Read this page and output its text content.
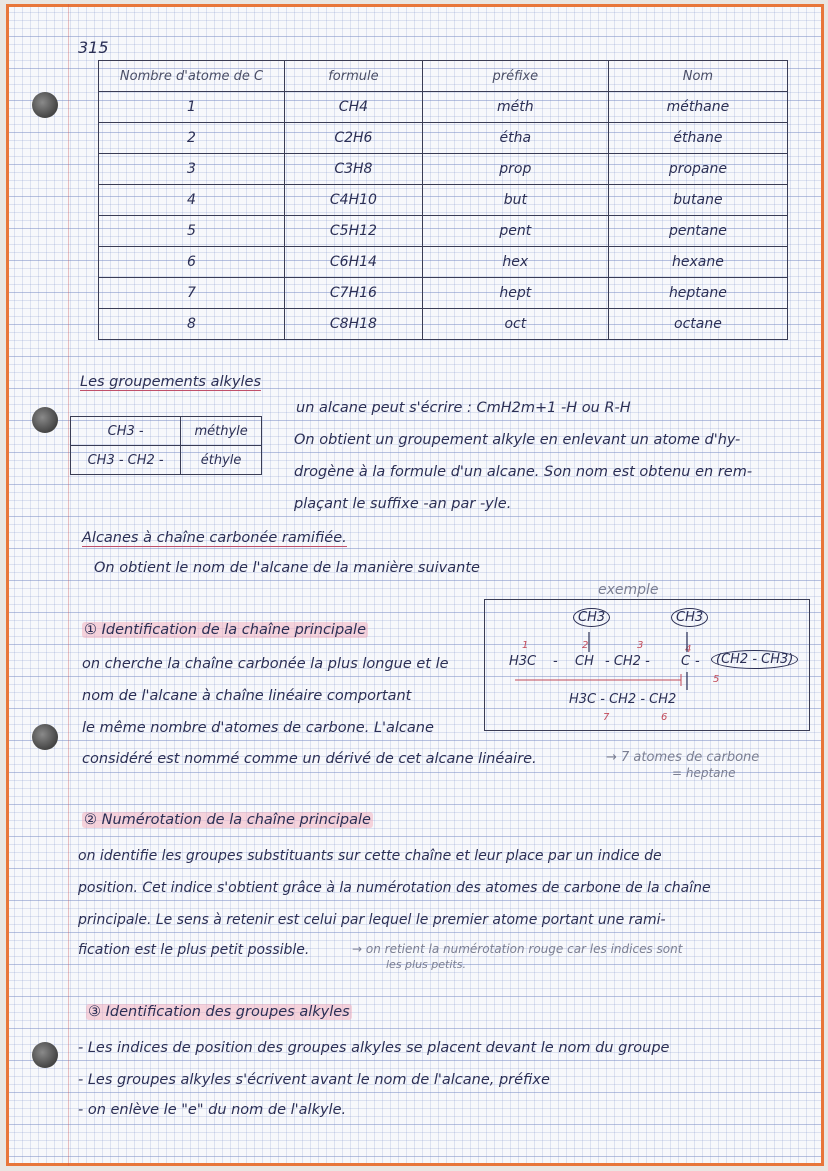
315
Nombre d'atome de C	formule	préfixe	Nom
1	CH4	méth	méthane
2	C2H6	étha	éthane
3	C3H8	prop	propane
4	C4H10	but	butane
5	C5H12	pent	pentane
6	C6H14	hex	hexane
7	C7H16	hept	heptane
8	C8H18	oct	octane
Les groupements alkyles
CH3 -	méthyle
CH3 - CH2 -	éthyle
un alcane peut s'écrire : CmH2m+1 -H ou R-H
On obtient un groupement alkyle en enlevant un atome d'hy-
drogène à la formule d'un alcane. Son nom est obtenu en rem-
plaçant le suffixe -an par -yle.
Alcanes à chaîne carbonée ramifiée.
On obtient le nom de l'alcane de la manière suivante
exemple
CH3	CH3
1	2	3	4
H3C - CH - CH2 - C -	(CH2 - CH3)
5
H3C - CH2 - CH2
6
7
① Identification de la chaîne principale
on cherche la chaîne carbonée la plus longue et le
nom de l'alcane à chaîne linéaire comportant
le même nombre d'atomes de carbone. L'alcane
considéré est nommé comme un dérivé de cet alcane linéaire.	→ 7 atomes de carbone
= heptane
② Numérotation de la chaîne principale
on identifie les groupes substituants sur cette chaîne et leur place par un indice de
position. Cet indice s'obtient grâce à la numérotation des atomes de carbone de la chaîne
principale. Le sens à retenir est celui par lequel le premier atome portant une rami-
fication est le plus petit possible.	→ on retient la numérotation rouge car les indices sont
les plus petits.
③ Identification des groupes alkyles
- Les indices de position des groupes alkyles se placent devant le nom du groupe
- Les groupes alkyles s'écrivent avant le nom de l'alcane, préfixe
- on enlève le "e" du nom de l'alkyle.
